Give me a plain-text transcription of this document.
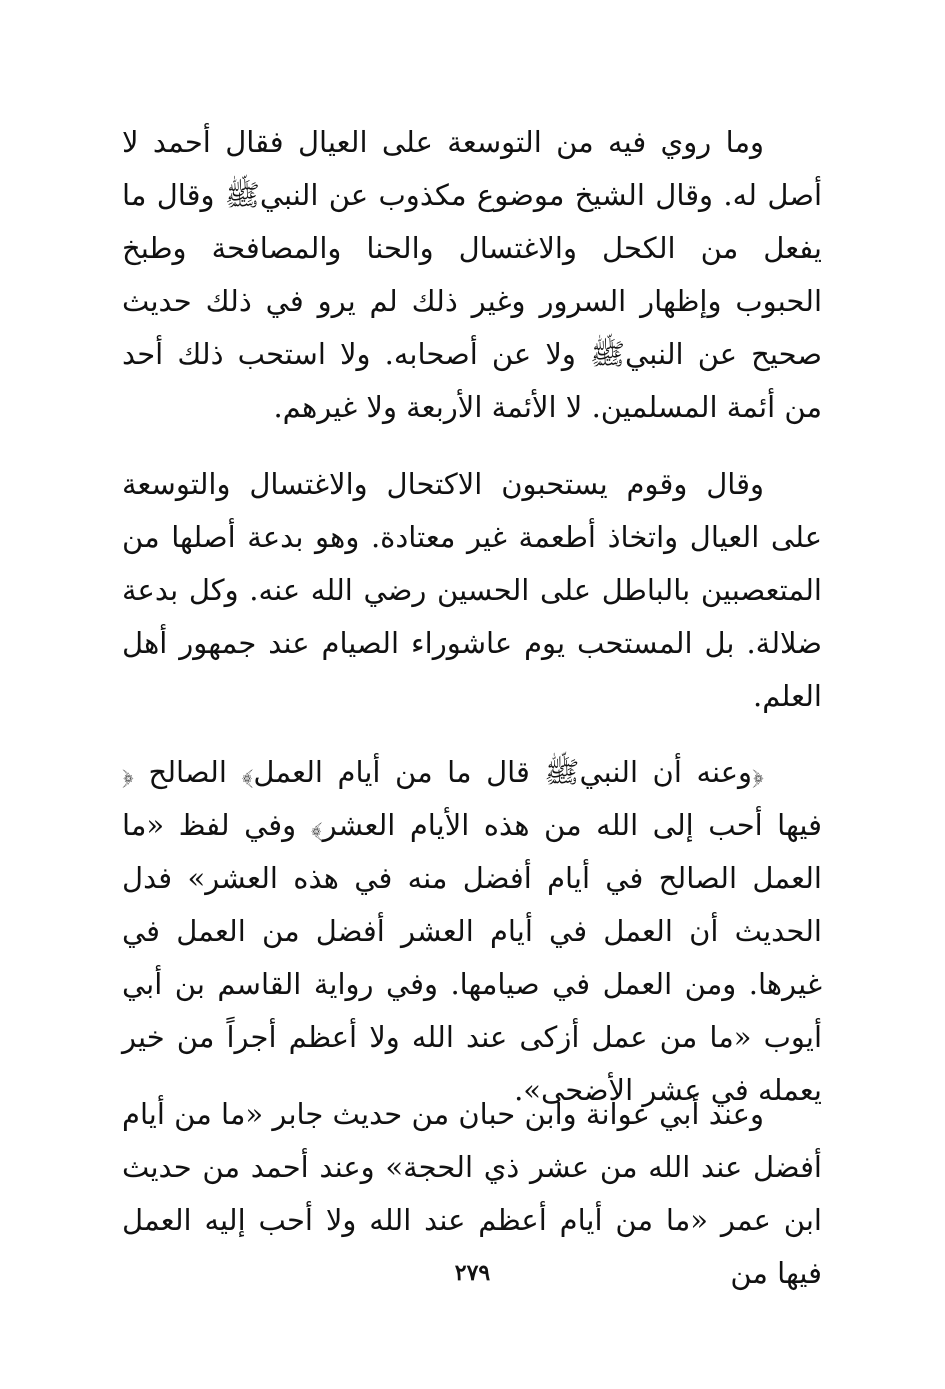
وما روي فيه من التوسعة على العيال فقال أحمد لا أصل له. وقال الشيخ موضوع مكذوب عن النبيﷺ وقال ما يفعل من الكحل والاغتسال والحنا والمصافحة وطبخ الحبوب وإظهار السرور وغير ذلك لم يرو في ذلك حديث صحيح عن النبيﷺ ولا عن أصحابه. ولا استحب ذلك أحد من أئمة المسلمين. لا الأئمة الأربعة ولا غيرهم.

وقال وقوم يستحبون الاكتحال والاغتسال والتوسعة على العيال واتخاذ أطعمة غير معتادة. وهو بدعة أصلها من المتعصبين بالباطل على الحسين رضي الله عنه. وكل بدعة ضلالة. بل المستحب يوم عاشوراء الصيام عند جمهور أهل العلم.

﴿وعنه أن النبيﷺ قال ما من أيام العمل﴾ الصالح ﴿ فيها أحب إلى الله من هذه الأيام العشر﴾ وفي لفظ «ما العمل الصالح في أيام أفضل منه في هذه العشر» فدل الحديث أن العمل في أيام العشر أفضل من العمل في غيرها. ومن العمل في صيامها. وفي رواية القاسم بن أبي أيوب «ما من عمل أزكى عند الله ولا أعظم أجراً من خير يعمله في عشر الأضحى».

وعند أبي عوانة وابن حبان من حديث جابر «ما من أيام أفضل عند الله من عشر ذي الحجة» وعند أحمد من حديث ابن عمر «ما من أيام أعظم عند الله ولا أحب إليه العمل فيها من

٢٧٩
